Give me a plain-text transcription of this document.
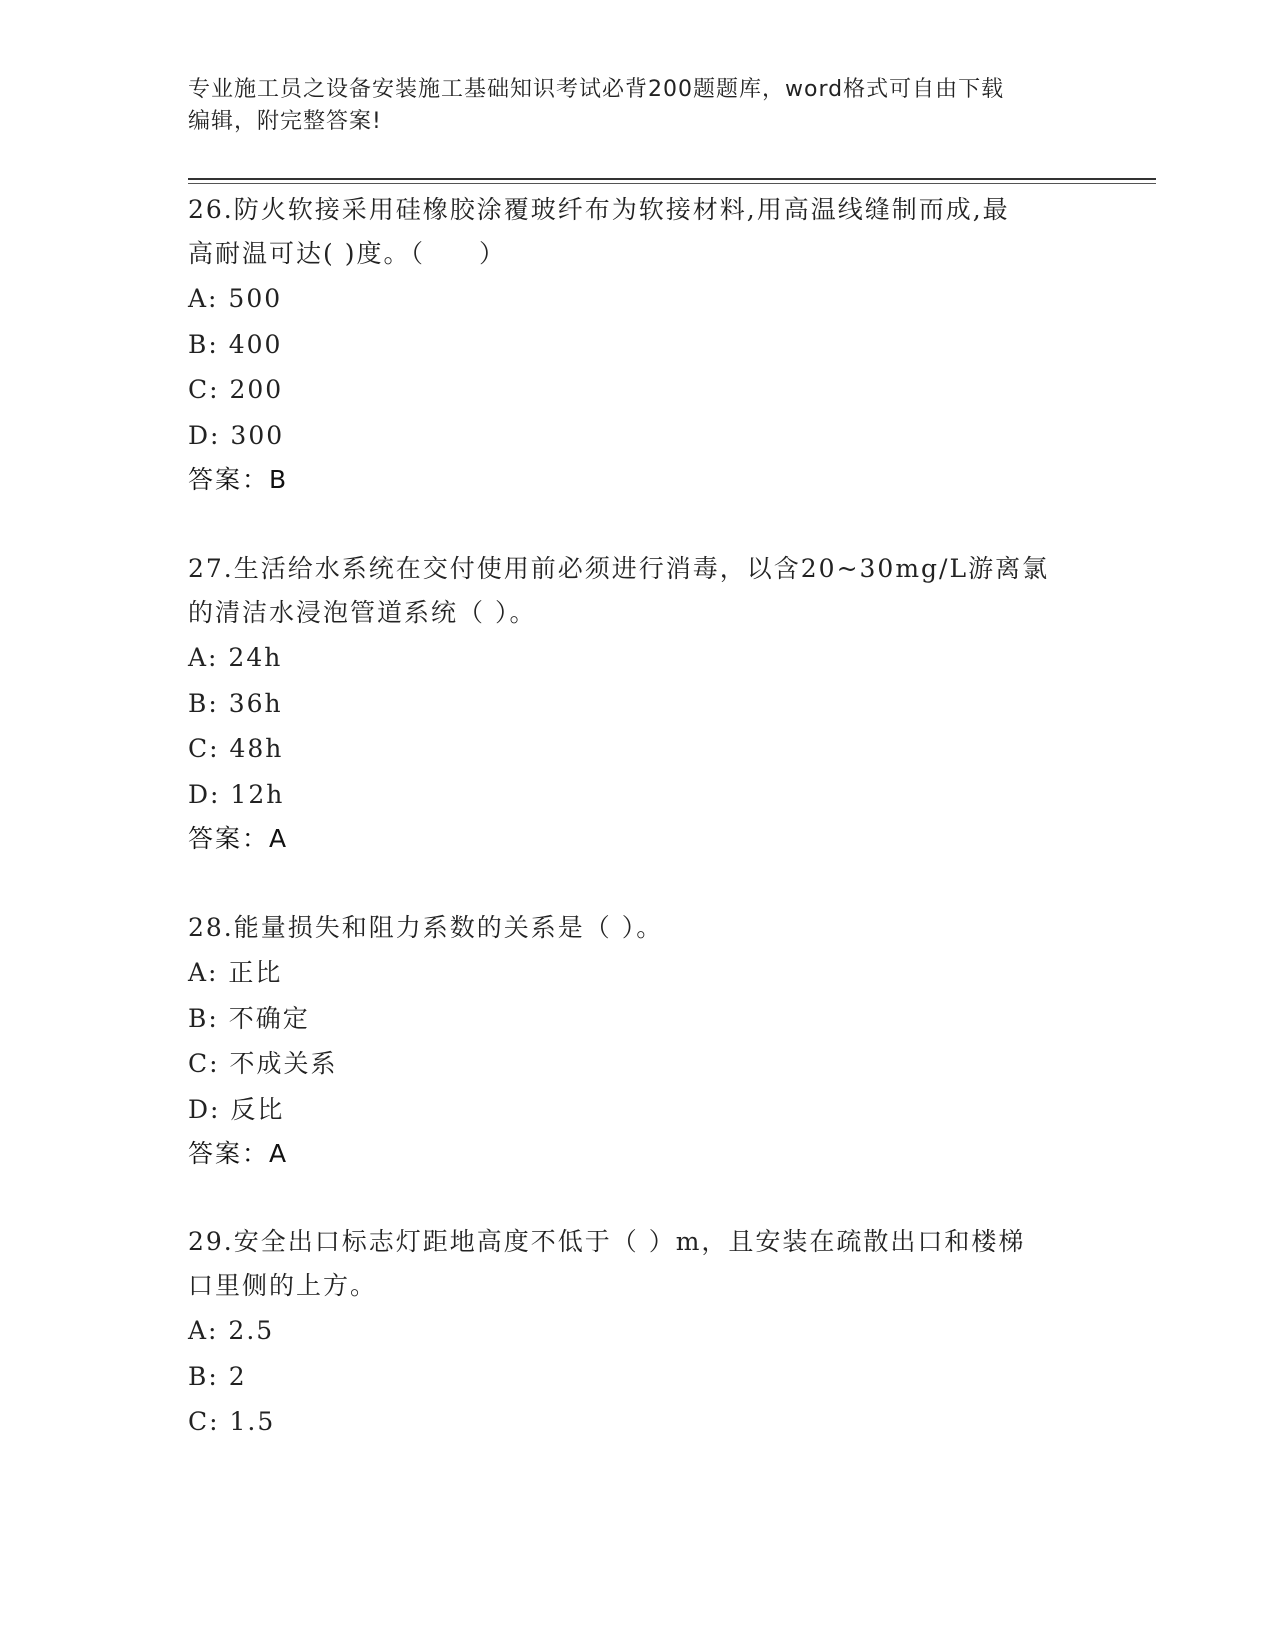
专业施工员之设备安装施工基础知识考试必背200题题库，word格式可自由下载
编辑，附完整答案!

26.防火软接采用硅橡胶涂覆玻纤布为软接材料,用高温线缝制而成,最

高耐温可达( )度。（　　）

A: 500

B: 400

C: 200

D: 300

答案：B

27.生活给水系统在交付使用前必须进行消毒，以含20~30mg/L游离氯

的清洁水浸泡管道系统（ ）。

A: 24h

B: 36h

C: 48h

D: 12h

答案：A

28.能量损失和阻力系数的关系是（ ）。

A: 正比

B: 不确定

C: 不成关系

D: 反比

答案：A

29.安全出口标志灯距地高度不低于（ ）m，且安装在疏散出口和楼梯

口里侧的上方。

A: 2.5

B: 2

C: 1.5
